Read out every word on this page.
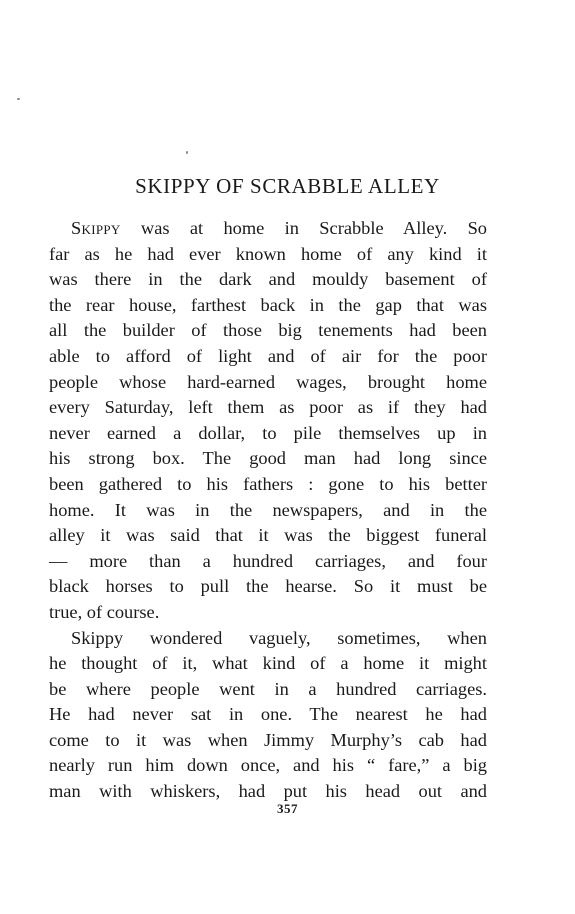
SKIPPY OF SCRABBLE ALLEY
Skippy was at home in Scrabble Alley. So
far as he had ever known home of any kind it
was there in the dark and mouldy basement of
the rear house, farthest back in the gap that was
all the builder of those big tenements had been
able to afford of light and of air for the poor
people whose hard-earned wages, brought home
every Saturday, left them as poor as if they had
never earned a dollar, to pile themselves up in
his strong box. The good man had long since
been gathered to his fathers : gone to his better
home. It was in the newspapers, and in the
alley it was said that it was the biggest funeral
— more than a hundred carriages, and four
black horses to pull the hearse. So it must be
true, of course.
Skippy wondered vaguely, sometimes, when
he thought of it, what kind of a home it might
be where people went in a hundred carriages.
He had never sat in one. The nearest he had
come to it was when Jimmy Murphy’s cab had
nearly run him down once, and his “ fare,” a big
man with whiskers, had put his head out and
357
